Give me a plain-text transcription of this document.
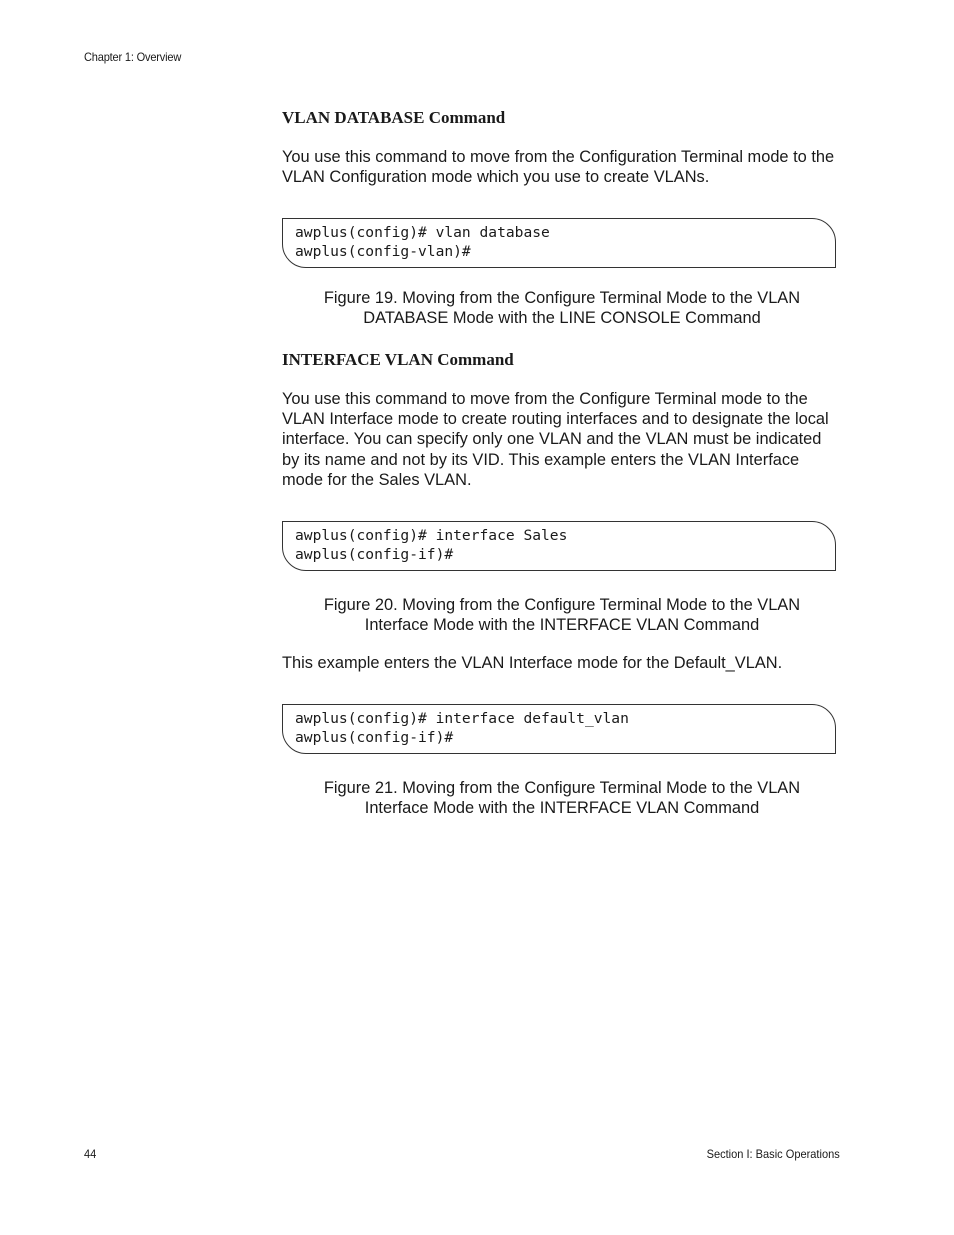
Chapter 1: Overview
VLAN DATABASE Command
You use this command to move from the Configuration Terminal mode to the VLAN Configuration mode which you use to create VLANs.
awplus(config)# vlan database
awplus(config-vlan)#
Figure 19. Moving from the Configure Terminal Mode to the VLAN
DATABASE Mode with the LINE CONSOLE Command
INTERFACE VLAN Command
You use this command to move from the Configure Terminal mode to the VLAN Interface mode to create routing interfaces and to designate the local interface. You can specify only one VLAN and the VLAN must be indicated by its name and not by its VID. This example enters the VLAN Interface mode for the Sales VLAN.
awplus(config)# interface Sales
awplus(config-if)#
Figure 20. Moving from the Configure Terminal Mode to the VLAN
Interface Mode with the INTERFACE VLAN Command
This example enters the VLAN Interface mode for the Default_VLAN.
awplus(config)# interface default_vlan
awplus(config-if)#
Figure 21. Moving from the Configure Terminal Mode to the VLAN
Interface Mode with the INTERFACE VLAN Command
44	Section I: Basic Operations
